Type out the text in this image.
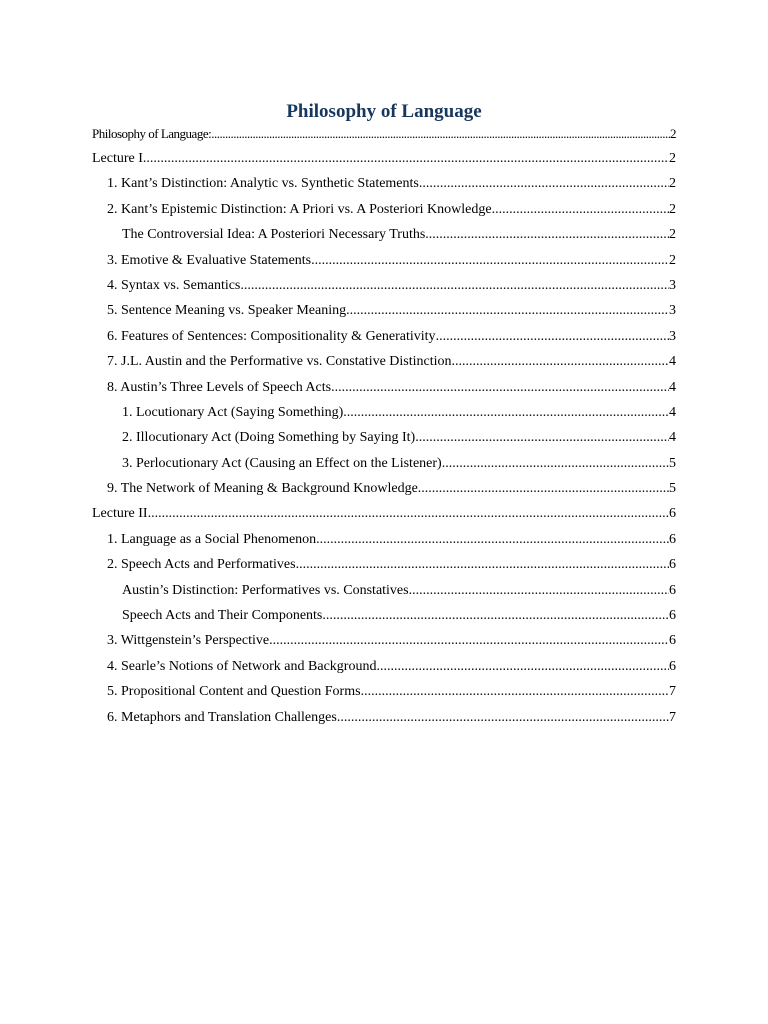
Philosophy of Language
Philosophy of Language: .....	2
Lecture I .....	2
1. Kant’s Distinction: Analytic vs. Synthetic Statements .....	2
2. Kant’s Epistemic Distinction: A Priori vs. A Posteriori Knowledge .....	2
The Controversial Idea: A Posteriori Necessary Truths .....	2
3. Emotive & Evaluative Statements .....	2
4. Syntax vs. Semantics .....	3
5. Sentence Meaning vs. Speaker Meaning .....	3
6. Features of Sentences: Compositionality & Generativity .....	3
7. J.L. Austin and the Performative vs. Constative Distinction .....	4
8. Austin’s Three Levels of Speech Acts .....	4
1. Locutionary Act (Saying Something) .....	4
2. Illocutionary Act (Doing Something by Saying It) .....	4
3. Perlocutionary Act (Causing an Effect on the Listener) .....	5
9. The Network of Meaning & Background Knowledge .....	5
Lecture II .....	6
1. Language as a Social Phenomenon .....	6
2. Speech Acts and Performatives .....	6
Austin’s Distinction: Performatives vs. Constatives .....	6
Speech Acts and Their Components .....	6
3. Wittgenstein’s Perspective .....	6
4. Searle’s Notions of Network and Background .....	6
5. Propositional Content and Question Forms .....	7
6. Metaphors and Translation Challenges .....	7
